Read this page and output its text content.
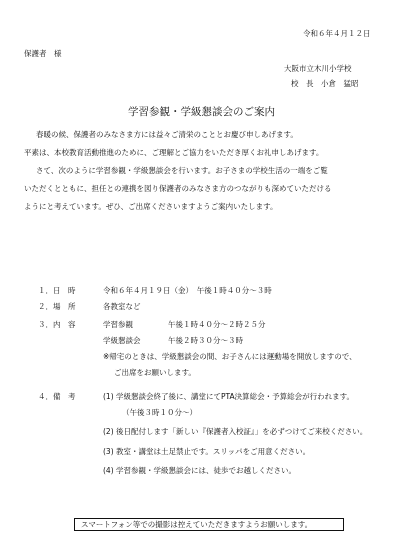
令和６年４月１２日
保護者　様
大阪市立木川小学校
校　長　小倉　猛昭
学習参観・学級懇談会のご案内
春暖の候、保護者のみなさま方には益々ご清栄のこととお慶び申しあげます。
平素は、本校教育活動推進のために、ご理解とご協力をいただき厚くお礼申しあげます。
さて、次のように学習参観・学級懇談会を行います。お子さまの学校生活の一端をご覧
いただくとともに、担任との連携を図り保護者のみなさま方のつながりも深めていただける
ようにと考えています。ぜひ、ご出席くださいますようご案内いたします。
１．日　時	令和６年４月１９日（金）　午後１時４０分～３時
２．場　所	各教室など
３．内　容	学習参観	午後１時４０分～２時２５分
学級懇談会	午後２時３０分～３時
※帰宅のときは、学級懇談会の間、お子さんには運動場を開放しますので、
ご出席をお願いします。
４．備　考	(1) 学級懇談会終了後に、講堂にてPTA決算総会・予算総会が行われます。
（午後３時１０分～）
(2) 後日配付します「新しい『保護者入校証』」を必ずつけてご来校ください。
(3) 教室・講堂は土足禁止です。スリッパをご用意ください。
(4) 学習参観・学級懇談会には、徒歩でお越しください。
スマートフォン等での撮影は控えていただきますようお願いします。
